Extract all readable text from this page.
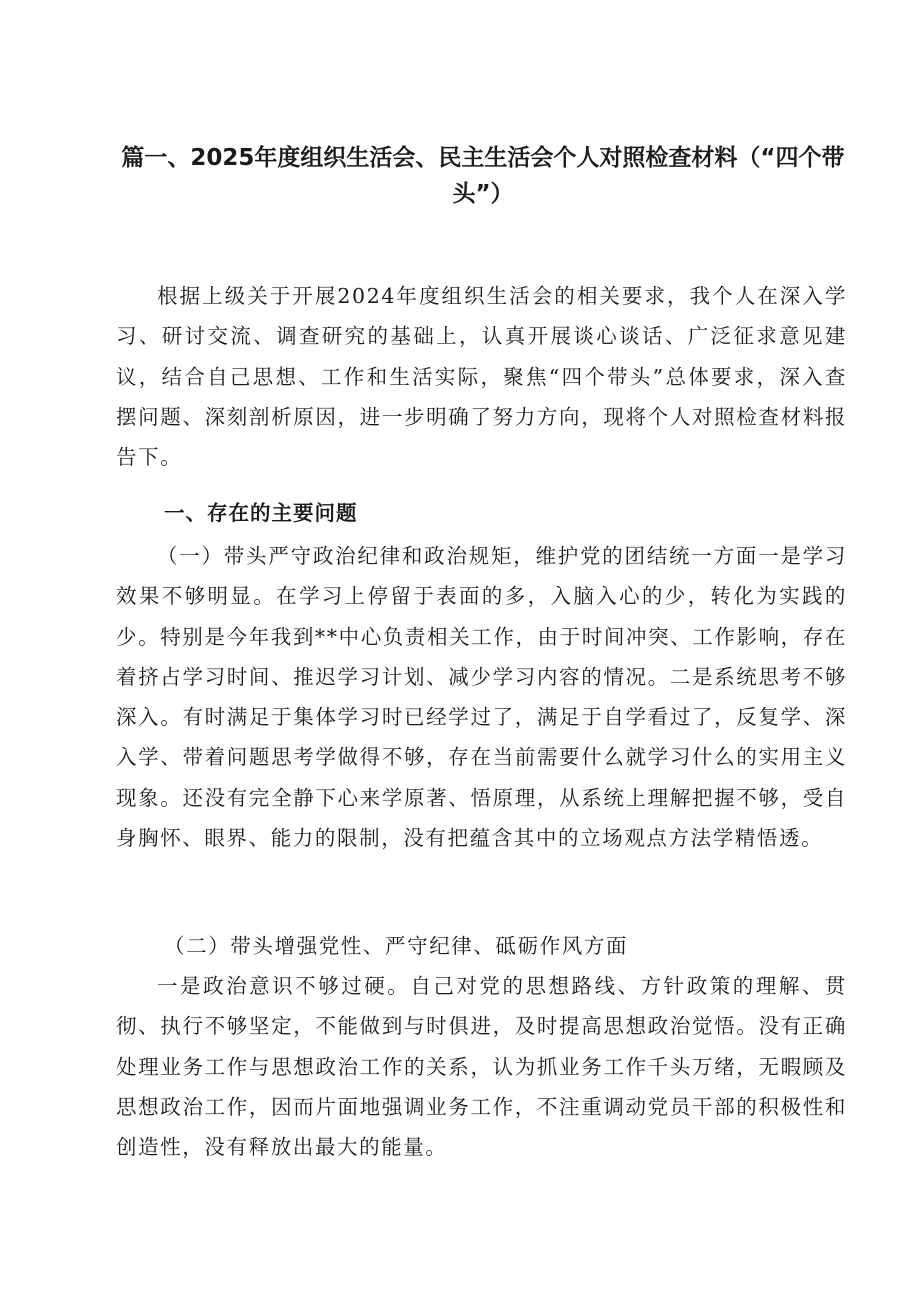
篇一、2025年度组织生活会、民主生活会个人对照检查材料（“四个带头”）

根据上级关于开展2024年度组织生活会的相关要求，我个人在深入学习、研讨交流、调查研究的基础上，认真开展谈心谈话、广泛征求意见建议，结合自己思想、工作和生活实际，聚焦“四个带头”总体要求，深入查摆问题、深刻剖析原因，进一步明确了努力方向，现将个人对照检查材料报告下。

一、存在的主要问题

（一）带头严守政治纪律和政治规矩，维护党的团结统一方面一是学习效果不够明显。在学习上停留于表面的多，入脑入心的少，转化为实践的少。特别是今年我到**中心负责相关工作，由于时间冲突、工作影响，存在着挤占学习时间、推迟学习计划、减少学习内容的情况。二是系统思考不够深入。有时满足于集体学习时已经学过了，满足于自学看过了，反复学、深入学、带着问题思考学做得不够，存在当前需要什么就学习什么的实用主义现象。还没有完全静下心来学原著、悟原理，从系统上理解把握不够，受自身胸怀、眼界、能力的限制，没有把蕴含其中的立场观点方法学精悟透。

（二）带头增强党性、严守纪律、砥砺作风方面

一是政治意识不够过硬。自己对党的思想路线、方针政策的理解、贯彻、执行不够坚定，不能做到与时俱进，及时提高思想政治觉悟。没有正确处理业务工作与思想政治工作的关系，认为抓业务工作千头万绪，无暇顾及思想政治工作，因而片面地强调业务工作，不注重调动党员干部的积极性和创造性，没有释放出最大的能量。
